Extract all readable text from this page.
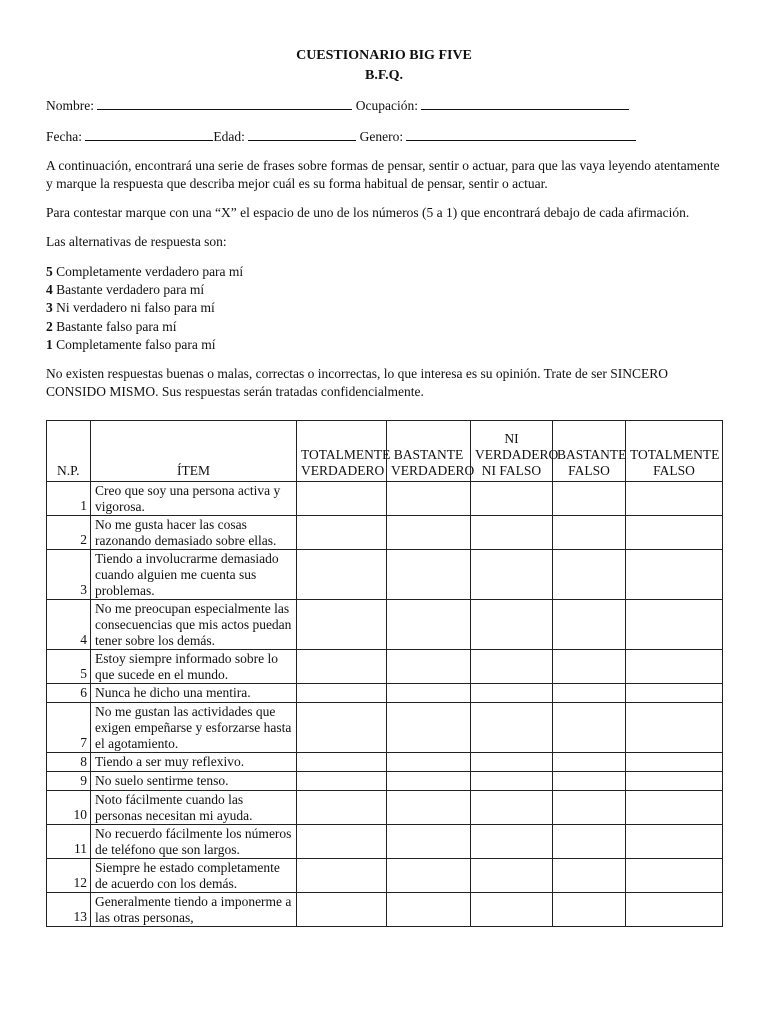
CUESTIONARIO BIG FIVE
B.F.Q.
Nombre:	Ocupación:
Fecha:	Edad:	Genero:

A continuación, encontrará una serie de frases sobre formas de pensar, sentir o actuar, para que las vaya leyendo atentamente y marque la respuesta que describa mejor cuál es su forma habitual de pensar, sentir o actuar.

Para contestar marque con una “X” el espacio de uno de los números (5 a 1) que encontrará debajo de cada afirmación.

Las alternativas de respuesta son:

5 Completamente verdadero para mí
4 Bastante verdadero para mí
3 Ni verdadero ni falso para mí
2 Bastante falso para mí
1 Completamente falso para mí

No existen respuestas buenas o malas, correctas o incorrectas, lo que interesa es su opinión. Trate de ser SINCERO CONSIDO MISMO. Sus respuestas serán tratadas confidencialmente.

N.P.	ÍTEM	TOTALMENTE VERDADERO	BASTANTE VERDADERO	NI VERDADERO NI FALSO	BASTANTE FALSO	TOTALMENTE FALSO
1	Creo que soy una persona activa y vigorosa.					
2	No me gusta hacer las cosas razonando demasiado sobre ellas.					
3	Tiendo a involucrarme demasiado cuando alguien me cuenta sus problemas.					
4	No me preocupan especialmente las consecuencias que mis actos puedan tener sobre los demás.					
5	Estoy siempre informado sobre lo que sucede en el mundo.					
6	Nunca he dicho una mentira.					
7	No me gustan las actividades que exigen empeñarse y esforzarse hasta el agotamiento.					
8	Tiendo a ser muy reflexivo.					
9	No suelo sentirme tenso.					
10	Noto fácilmente cuando las personas necesitan mi ayuda.					
11	No recuerdo fácilmente los números de teléfono que son largos.					
12	Siempre he estado completamente de acuerdo con los demás.					
13	Generalmente tiendo a imponerme a las otras personas,					
